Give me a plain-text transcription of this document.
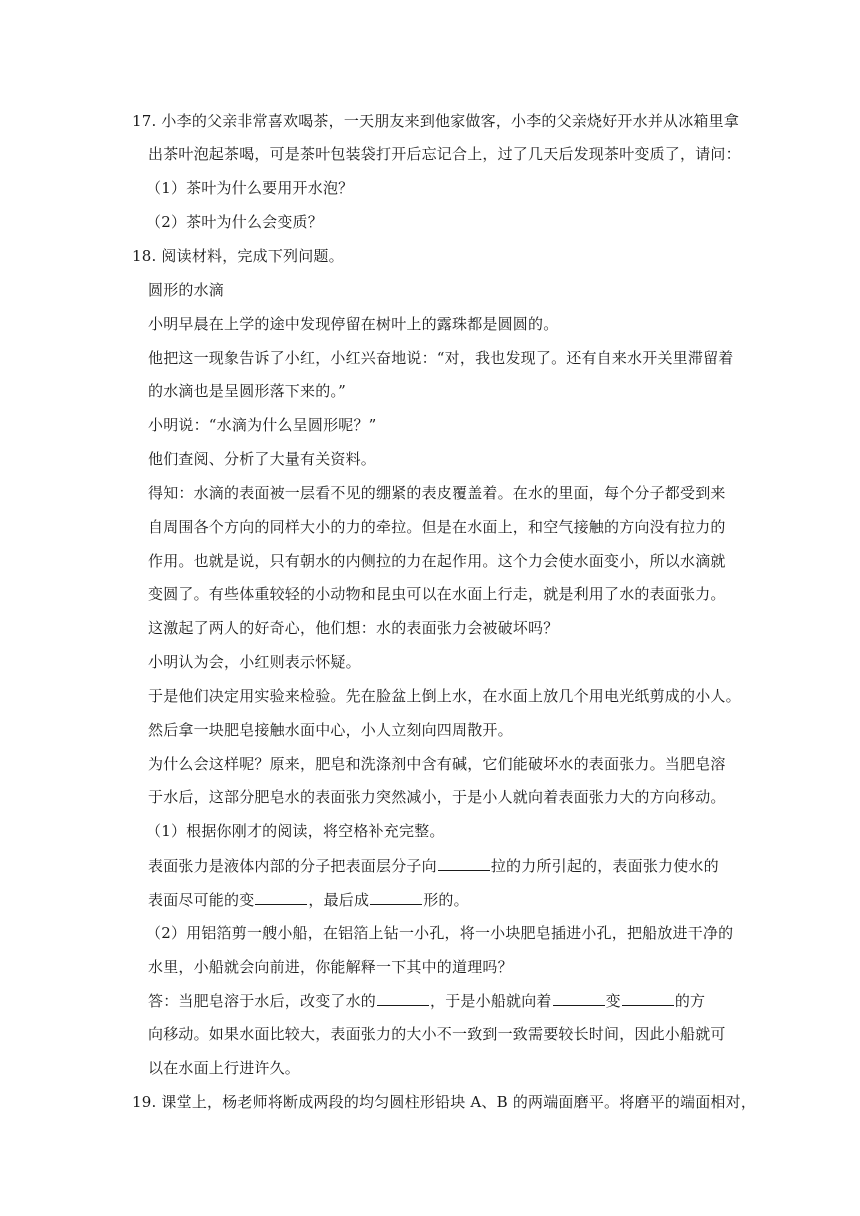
17. 小李的父亲非常喜欢喝茶，一天朋友来到他家做客，小李的父亲烧好开水并从冰箱里拿
出茶叶泡起茶喝，可是茶叶包装袋打开后忘记合上，过了几天后发现茶叶变质了，请问：
（1）茶叶为什么要用开水泡？
（2）茶叶为什么会变质？
18. 阅读材料，完成下列问题。
圆形的水滴
小明早晨在上学的途中发现停留在树叶上的露珠都是圆圆的。
他把这一现象告诉了小红，小红兴奋地说：“对，我也发现了。还有自来水开关里滞留着
的水滴也是呈圆形落下来的。”
小明说：“水滴为什么呈圆形呢？”
他们查阅、分析了大量有关资料。
得知：水滴的表面被一层看不见的绷紧的表皮覆盖着。在水的里面，每个分子都受到来
自周围各个方向的同样大小的力的牵拉。但是在水面上，和空气接触的方向没有拉力的
作用。也就是说，只有朝水的内侧拉的力在起作用。这个力会使水面变小，所以水滴就
变圆了。有些体重较轻的小动物和昆虫可以在水面上行走，就是利用了水的表面张力。
这激起了两人的好奇心，他们想：水的表面张力会被破坏吗？
小明认为会，小红则表示怀疑。
于是他们决定用实验来检验。先在脸盆上倒上水，在水面上放几个用电光纸剪成的小人。
然后拿一块肥皂接触水面中心，小人立刻向四周散开。
为什么会这样呢？原来，肥皂和洗涤剂中含有碱，它们能破坏水的表面张力。当肥皂溶
于水后，这部分肥皂水的表面张力突然减小，于是小人就向着表面张力大的方向移动。
（1）根据你刚才的阅读，将空格补充完整。
表面张力是液体内部的分子把表面层分子向	拉的力所引起的，表面张力使水的
表面尽可能的变	，最后成	形的。
（2）用铝箔剪一艘小船，在铝箔上钻一小孔，将一小块肥皂插进小孔，把船放进干净的
水里，小船就会向前进，你能解释一下其中的道理吗？
答：当肥皂溶于水后，改变了水的	，于是小船就向着	变	的方
向移动。如果水面比较大，表面张力的大小不一致到一致需要较长时间，因此小船就可
以在水面上行进许久。
19. 课堂上，杨老师将断成两段的均匀圆柱形铅块 A、B 的两端面磨平。将磨平的端面相对，
